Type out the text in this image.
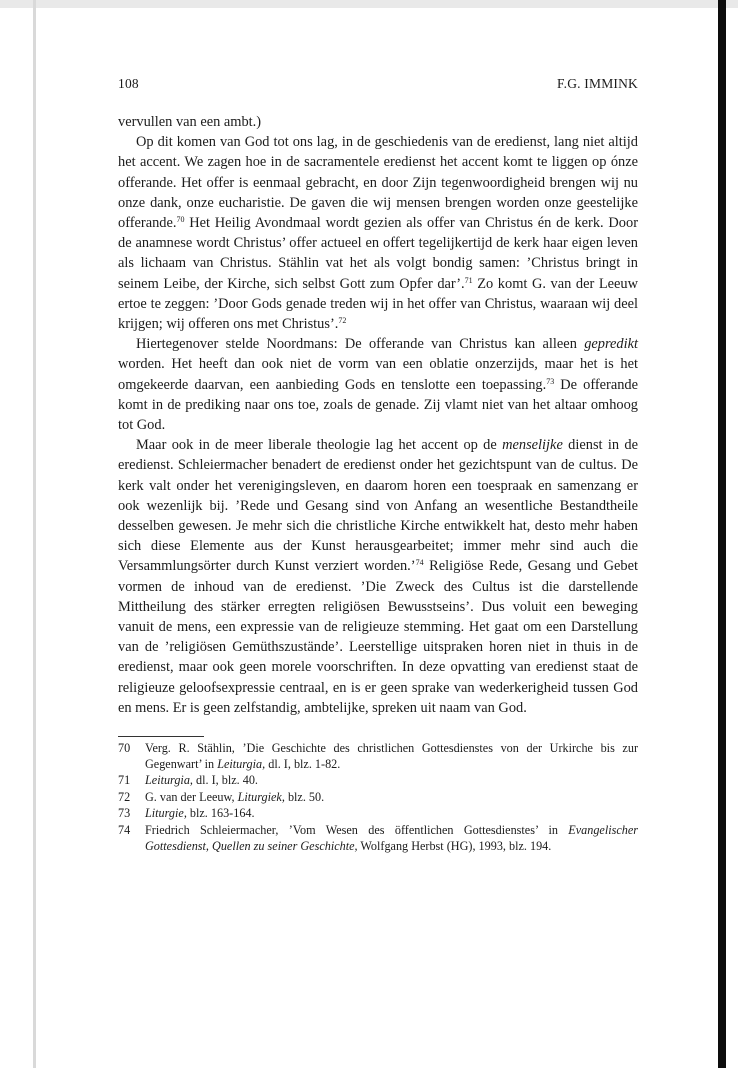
108	F.G. IMMINK

vervullen van een ambt.)

Op dit komen van God tot ons lag, in de geschiedenis van de eredienst, lang niet altijd het accent. We zagen hoe in de sacramentele eredienst het accent komt te liggen op ónze offerande. Het offer is eenmaal gebracht, en door Zijn tegenwoordigheid brengen wij nu onze dank, onze eucharistie. De gaven die wij mensen brengen worden onze geestelijke offerande.$^{70}$ Het Heilig Avondmaal wordt gezien als offer van Christus én de kerk. Door de anamnese wordt Christus’ offer actueel en offert tegelijkertijd de kerk haar eigen leven als lichaam van Christus. Stählin vat het als volgt bondig samen: ’Christus bringt in seinem Leibe, der Kirche, sich selbst Gott zum Opfer dar’.$^{71}$ Zo komt G. van der Leeuw ertoe te zeggen: ’Door Gods genade treden wij in het offer van Christus, waaraan wij deel krijgen; wij offeren ons met Christus’.$^{72}$

Hiertegenover stelde Noordmans: De offerande van Christus kan alleen gepredikt worden. Het heeft dan ook niet de vorm van een oblatie onzerzijds, maar het is het omgekeerde daarvan, een aanbieding Gods en tenslotte een toepassing.$^{73}$ De offerande komt in de prediking naar ons toe, zoals de genade. Zij vlamt niet van het altaar omhoog tot God.

Maar ook in de meer liberale theologie lag het accent op de menselijke dienst in de eredienst. Schleiermacher benadert de eredienst onder het gezichtspunt van de cultus. De kerk valt onder het verenigingsleven, en daarom horen een toespraak en samenzang er ook wezenlijk bij. ’Rede und Gesang sind von Anfang an wesentliche Bestandtheile desselben gewesen. Je mehr sich die christliche Kirche entwikkelt hat, desto mehr haben sich diese Elemente aus der Kunst herausgearbeitet; immer mehr sind auch die Versammlungsörter durch Kunst verziert worden.’$^{74}$ Religiöse Rede, Gesang und Gebet vormen de inhoud van de eredienst. ’Die Zweck des Cultus ist die darstellende Mittheilung des stärker erregten religiösen Bewusstseins’. Dus voluit een beweging vanuit de mens, een expressie van de religieuze stemming. Het gaat om een Darstellung van de ’religiösen Gemüthszustände’. Leerstellige uitspraken horen niet in thuis in de eredienst, maar ook geen morele voorschriften. In deze opvatting van eredienst staat de religieuze geloofsexpressie centraal, en is er geen sprake van wederkerigheid tussen God en mens. Er is geen zelfstandig, ambtelijke, spreken uit naam van God.

70	Verg. R. Stählin, ’Die Geschichte des christlichen Gottesdienstes von der Urkirche bis zur Gegenwart’ in Leiturgia, dl. I, blz. 1-82.
71	Leiturgia, dl. I, blz. 40.
72	G. van der Leeuw, Liturgiek, blz. 50.
73	Liturgie, blz. 163-164.
74	Friedrich Schleiermacher, ’Vom Wesen des öffentlichen Gottesdienstes’ in Evangelischer Gottesdienst, Quellen zu seiner Geschichte, Wolfgang Herbst (HG), 1993, blz. 194.
